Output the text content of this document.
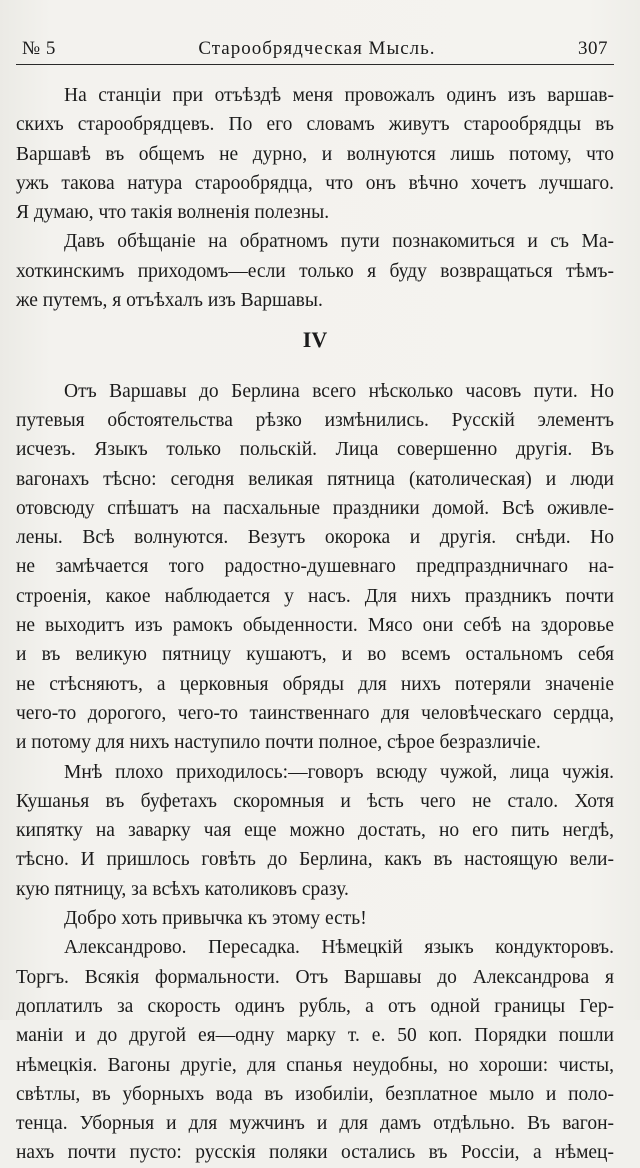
№ 5	Старообрядческая Мысль.	307
На станціи при отъѣздѣ меня провожалъ одинъ изъ варшав-
скихъ старообрядцевъ. По его словамъ живутъ старообрядцы въ
Варшавѣ въ общемъ не дурно, и волнуются лишь потому, что
ужъ такова натура старообрядца, что онъ вѣчно хочетъ лучшаго.
Я думаю, что такія волненія полезны.
Давъ обѣщаніе на обратномъ пути познакомиться и съ Ма-
хоткинскимъ приходомъ—если только я буду возвращаться тѣмъ-
же путемъ, я отъѣхалъ изъ Варшавы.
IV
Отъ Варшавы до Берлина всего нѣсколько часовъ пути. Но
путевыя обстоятельства рѣзко измѣнились. Русскій элементъ
исчезъ. Языкъ только польскій. Лица совершенно другія. Въ
вагонахъ тѣсно: сегодня великая пятница (католическая) и люди
отовсюду спѣшатъ на пасхальные праздники домой. Всѣ оживле-
лены. Всѣ волнуются. Везутъ окорока и другія. снѣди. Но
не замѣчается того радостно-душевнаго предпраздничнаго на-
строенія, какое наблюдается у насъ. Для нихъ праздникъ почти
не выходитъ изъ рамокъ обыденности. Мясо они себѣ на здоровье
и въ великую пятницу кушаютъ, и во всемъ остальномъ себя
не стѣсняютъ, а церковныя обряды для нихъ потеряли значеніе
чего-то дорогого, чего-то таинственнаго для человѣческаго сердца,
и потому для нихъ наступило почти полное, сѣрое безразличіе.
Мнѣ плохо приходилось:—говоръ всюду чужой, лица чужія.
Кушанья въ буфетахъ скоромныя и ѣсть чего не стало. Хотя
кипятку на заварку чая еще можно достать, но его пить негдѣ,
тѣсно. И пришлось говѣть до Берлина, какъ въ настоящую вели-
кую пятницу, за всѣхъ католиковъ сразу.
Добро хоть привычка къ этому есть!
Александрово. Пересадка. Нѣмецкій языкъ кондукторовъ.
Торгъ. Всякія формальности. Отъ Варшавы до Александрова я
доплатилъ за скорость одинъ рубль, а отъ одной границы Гер-
маніи и до другой ея—одну марку т. е. 50 коп. Порядки пошли
нѣмецкія. Вагоны другіе, для спанья неудобны, но хороши: чисты,
свѣтлы, въ уборныхъ вода въ изобиліи, безплатное мыло и поло-
тенца. Уборныя и для мужчинъ и для дамъ отдѣльно. Въ вагон-
нахъ почти пусто: русскія поляки остались въ Россіи, а нѣмец-
